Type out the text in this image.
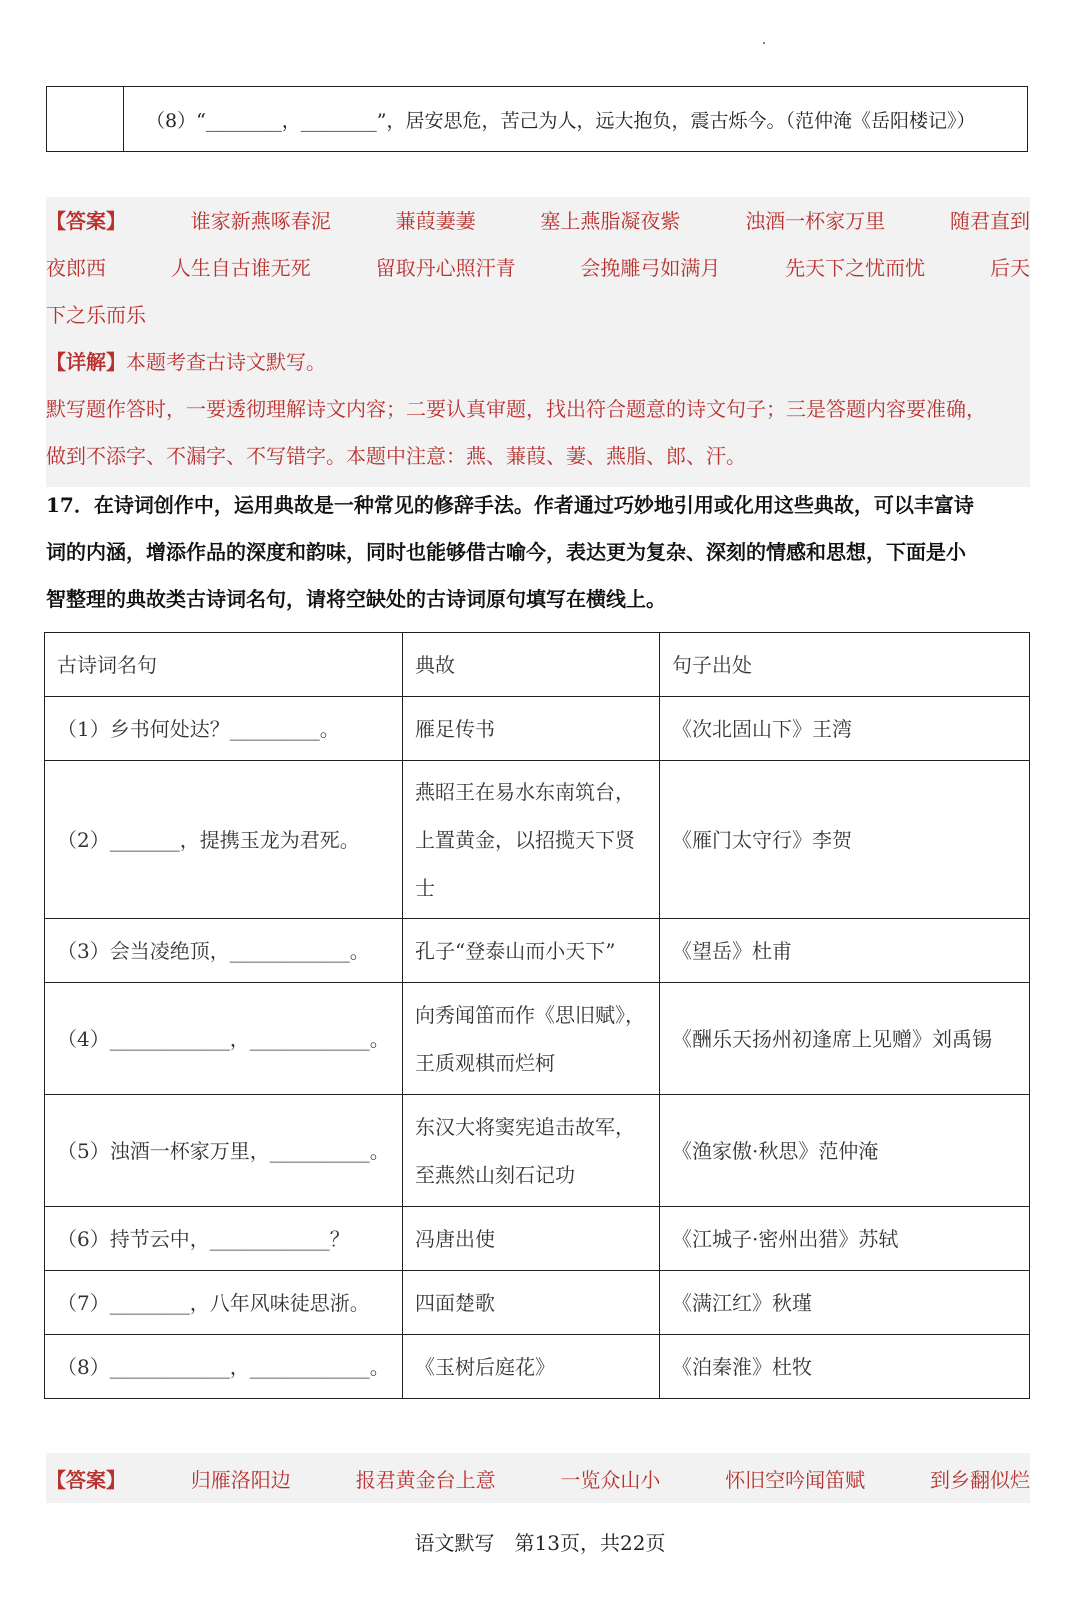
	（8）“________，________”，居安思危，苦己为人，远大抱负，震古烁今。（范仲淹《岳阳楼记》）
【答案】	谁家新燕啄春泥	蒹葭萋萋	塞上燕脂凝夜紫	浊酒一杯家万里	随君直到
夜郎西	人生自古谁无死	留取丹心照汗青	会挽雕弓如满月	先天下之忧而忧	后天
下之乐而乐
【详解】本题考查古诗文默写。
默写题作答时，一要透彻理解诗文内容；二要认真审题，找出符合题意的诗文句子；三是答题内容要准确，
做到不添字、不漏字、不写错字。本题中注意：燕、蒹葭、萋、燕脂、郎、汗。
17．在诗词创作中，运用典故是一种常见的修辞手法。作者通过巧妙地引用或化用这些典故，可以丰富诗
词的内涵，增添作品的深度和韵味，同时也能够借古喻今，表达更为复杂、深刻的情感和思想，下面是小
智整理的典故类古诗词名句，请将空缺处的古诗词原句填写在横线上。
古诗词名句	典故	句子出处
（1）乡书何处达？_________。	雁足传书	《次北固山下》王湾
（2）_______，提携玉龙为君死。	燕昭王在易水东南筑台，上置黄金，以招揽天下贤士	《雁门太守行》李贺
（3）会当凌绝顶，____________。	孔子“登泰山而小天下”	《望岳》杜甫
（4）____________，____________。	向秀闻笛而作《思旧赋》，王质观棋而烂柯	《酬乐天扬州初逢席上见赠》刘禹锡
（5）浊酒一杯家万里，__________。	东汉大将窦宪追击故军，至燕然山刻石记功	《渔家傲·秋思》范仲淹
（6）持节云中，____________？	冯唐出使	《江城子·密州出猎》苏轼
（7）________，八年风味徒思浙。	四面楚歌	《满江红》秋瑾
（8）____________，____________。	《玉树后庭花》	《泊秦淮》杜牧
【答案】	归雁洛阳边	报君黄金台上意	一览众山小	怀旧空吟闻笛赋	到乡翻似烂
语文默写　第13页，共22页
